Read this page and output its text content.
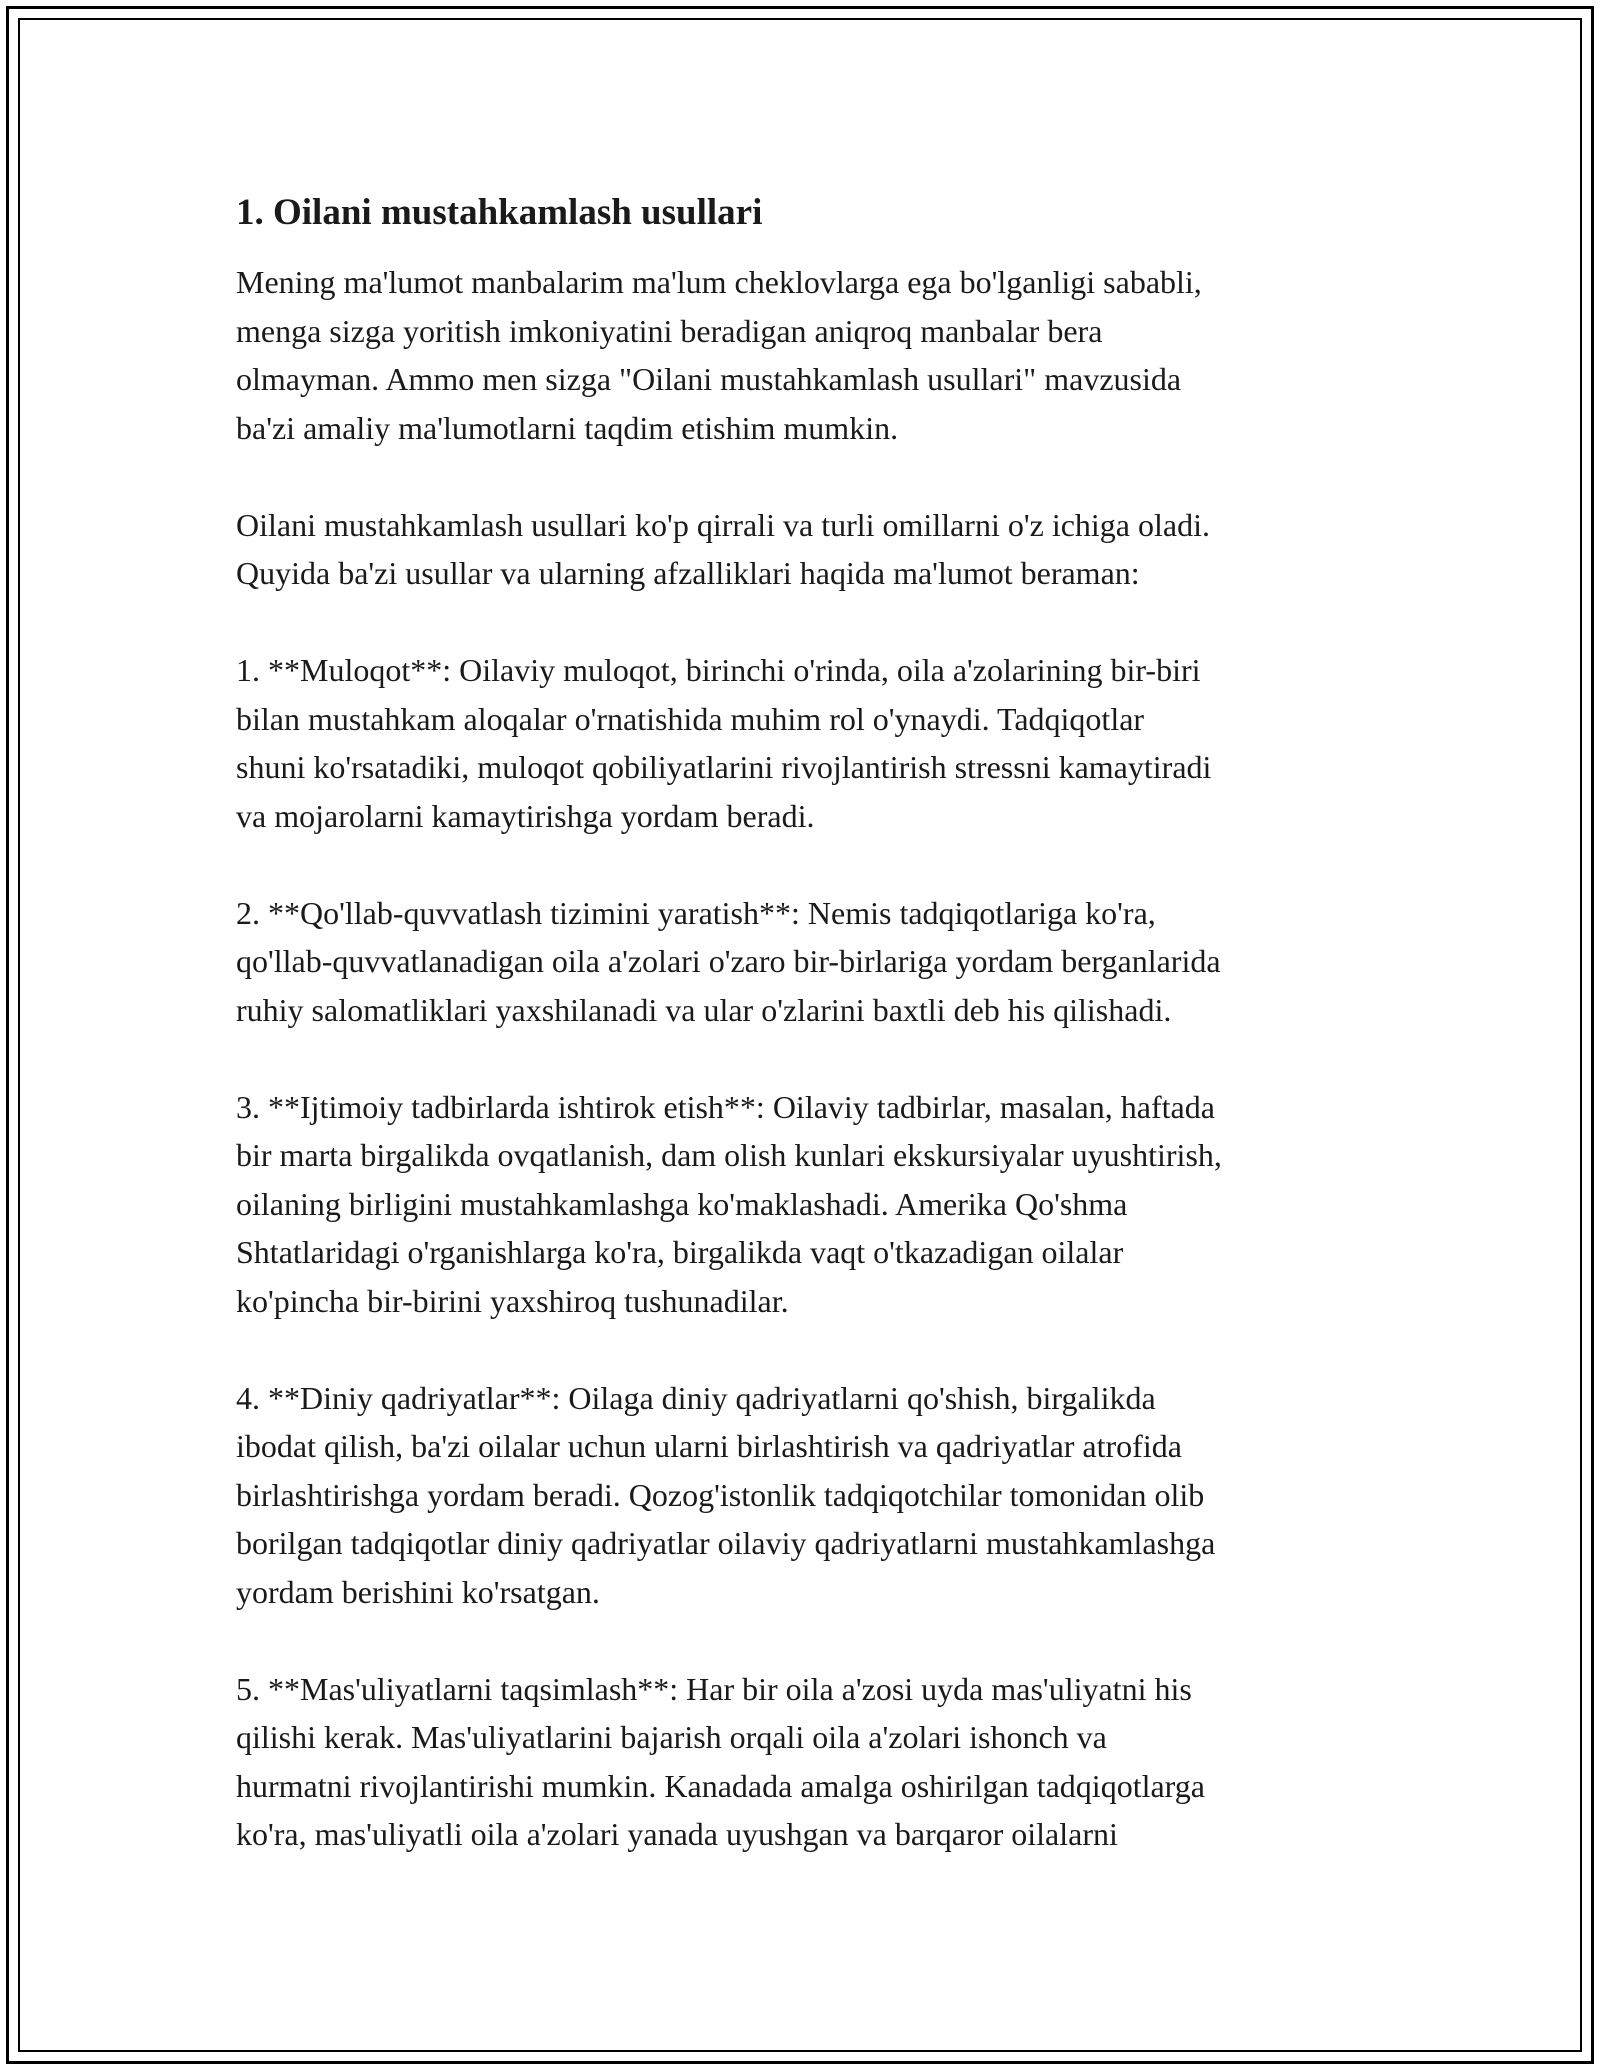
1. Oilani mustahkamlash usullari

Mening ma'lumot manbalarim ma'lum cheklovlarga ega bo'lganligi sababli,
menga sizga yoritish imkoniyatini beradigan aniqroq manbalar bera
olmayman. Ammo men sizga "Oilani mustahkamlash usullari" mavzusida
ba'zi amaliy ma'lumotlarni taqdim etishim mumkin.

Oilani mustahkamlash usullari ko'p qirrali va turli omillarni o'z ichiga oladi.
Quyida ba'zi usullar va ularning afzalliklari haqida ma'lumot beraman:

1. **Muloqot**: Oilaviy muloqot, birinchi o'rinda, oila a'zolarining bir-biri
bilan mustahkam aloqalar o'rnatishida muhim rol o'ynaydi. Tadqiqotlar
shuni ko'rsatadiki, muloqot qobiliyatlarini rivojlantirish stressni kamaytiradi
va mojarolarni kamaytirishga yordam beradi.

2. **Qo'llab-quvvatlash tizimini yaratish**: Nemis tadqiqotlariga ko'ra,
qo'llab-quvvatlanadigan oila a'zolari o'zaro bir-birlariga yordam berganlarida
ruhiy salomatliklari yaxshilanadi va ular o'zlarini baxtli deb his qilishadi.

3. **Ijtimoiy tadbirlarda ishtirok etish**: Oilaviy tadbirlar, masalan, haftada
bir marta birgalikda ovqatlanish, dam olish kunlari ekskursiyalar uyushtirish,
oilaning birligini mustahkamlashga ko'maklashadi. Amerika Qo'shma
Shtatlaridagi o'rganishlarga ko'ra, birgalikda vaqt o'tkazadigan oilalar
ko'pincha bir-birini yaxshiroq tushunadilar.

4. **Diniy qadriyatlar**: Oilaga diniy qadriyatlarni qo'shish, birgalikda
ibodat qilish, ba'zi oilalar uchun ularni birlashtirish va qadriyatlar atrofida
birlashtirishga yordam beradi. Qozog'istonlik tadqiqotchilar tomonidan olib
borilgan tadqiqotlar diniy qadriyatlar oilaviy qadriyatlarni mustahkamlashga
yordam berishini ko'rsatgan.

5. **Mas'uliyatlarni taqsimlash**: Har bir oila a'zosi uyda mas'uliyatni his
qilishi kerak. Mas'uliyatlarini bajarish orqali oila a'zolari ishonch va
hurmatni rivojlantirishi mumkin. Kanadada amalga oshirilgan tadqiqotlarga
ko'ra, mas'uliyatli oila a'zolari yanada uyushgan va barqaror oilalarni
